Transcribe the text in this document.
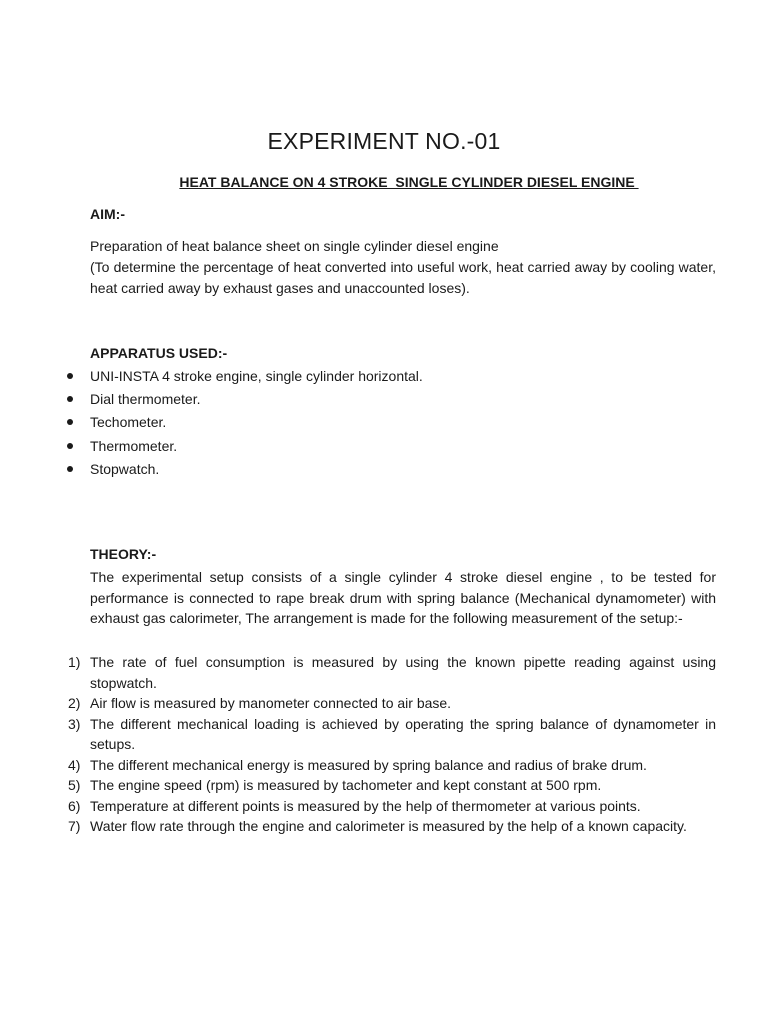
EXPERIMENT NO.-01
HEAT BALANCE ON 4 STROKE  SINGLE CYLINDER DIESEL ENGINE
AIM:-
Preparation of heat balance sheet on single cylinder diesel engine
(To determine the percentage of heat converted into useful work, heat carried away by cooling water, heat carried away by exhaust gases and unaccounted loses).
APPARATUS USED:-
UNI-INSTA 4 stroke engine, single cylinder horizontal.
Dial thermometer.
Techometer.
Thermometer.
Stopwatch.
THEORY:-
The experimental setup consists of a single cylinder 4 stroke diesel engine , to be tested for performance is connected to rape break drum with spring balance (Mechanical dynamometer) with exhaust gas calorimeter, The arrangement is made for the following measurement of the setup:-
1) The rate of fuel consumption is measured by using the known pipette reading against using stopwatch.
2) Air flow is measured by manometer connected to air base.
3) The different mechanical loading is achieved by operating the spring balance of dynamometer in setups.
4) The different mechanical energy is measured by spring balance and radius of brake drum.
5) The engine speed (rpm) is measured by tachometer and kept constant at 500 rpm.
6) Temperature at different points is measured by the help of thermometer at various points.
7) Water flow rate through the engine and calorimeter is measured by the help of a known capacity.
